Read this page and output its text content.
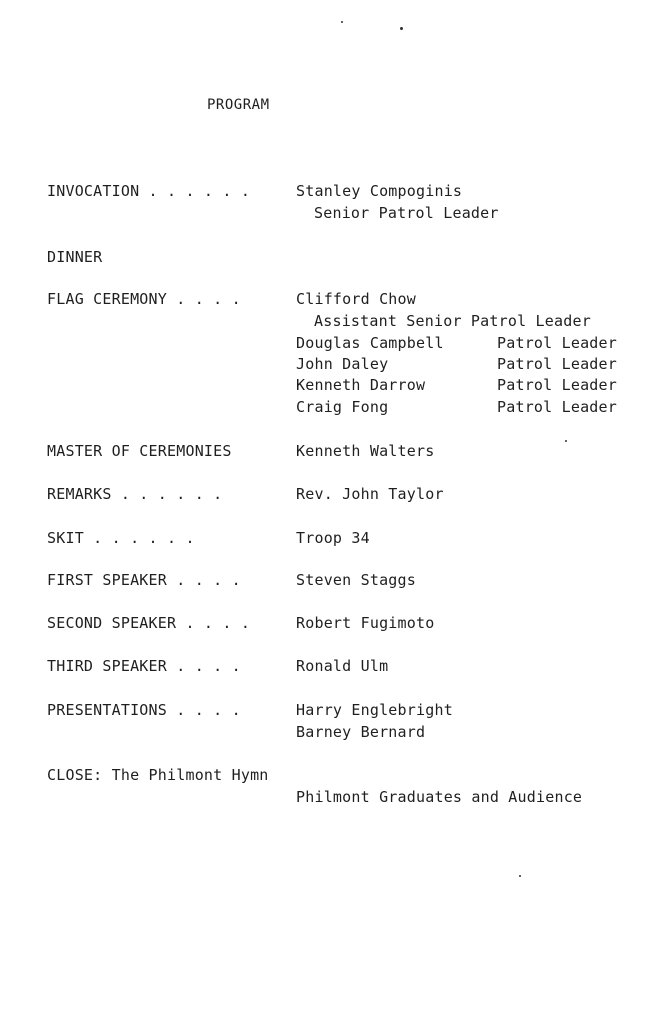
PROGRAM
INVOCATION . . . . . .	Stanley Compoginis
Senior Patrol Leader
DINNER
FLAG CEREMONY . . . .	Clifford Chow
Assistant Senior Patrol Leader
Douglas Campbell	Patrol Leader
John Daley	Patrol Leader
Kenneth Darrow	Patrol Leader
Craig Fong	Patrol Leader
MASTER OF CEREMONIES	Kenneth Walters
REMARKS . . . . . .	Rev. John Taylor
SKIT . . . . . .	Troop 34
FIRST SPEAKER . . . .	Steven Staggs
SECOND SPEAKER . . . .	Robert Fugimoto
THIRD SPEAKER . . . .	Ronald Ulm
PRESENTATIONS . . . .	Harry Englebright
Barney Bernard
CLOSE: The Philmont Hymn
Philmont Graduates and Audience
